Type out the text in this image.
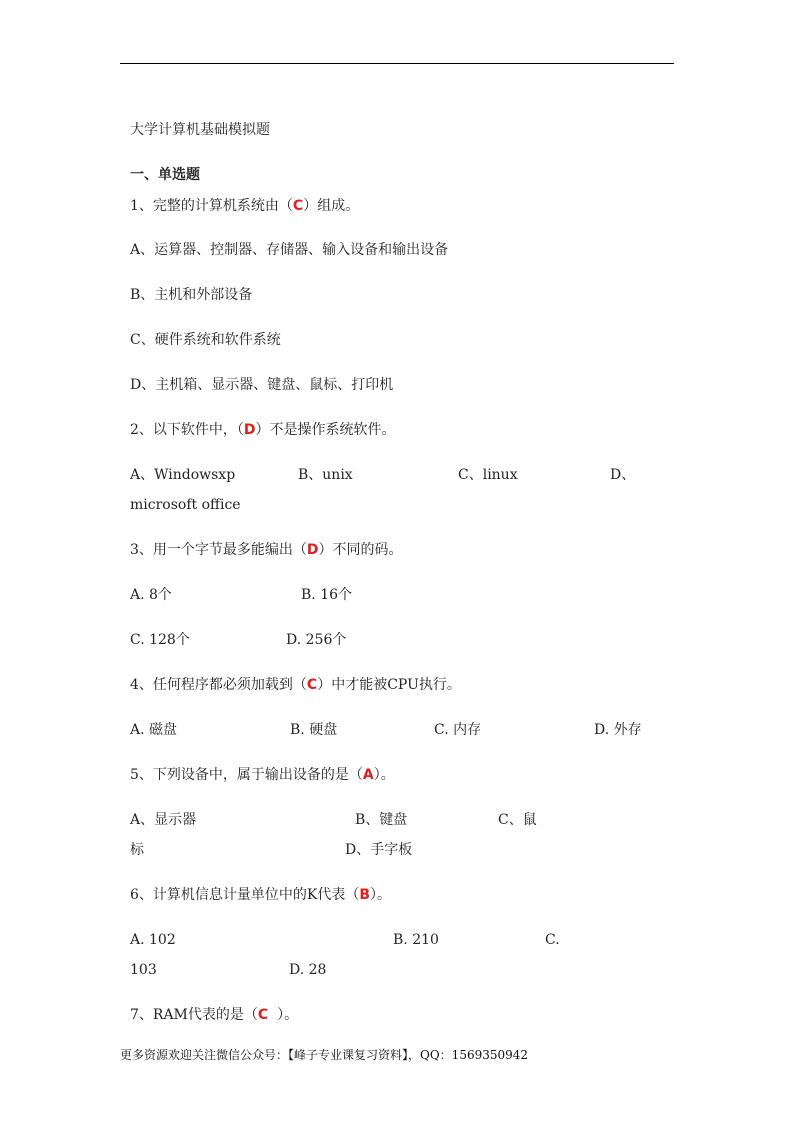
大学计算机基础模拟题
一、单选题
1、完整的计算机系统由（C）组成。
A、运算器、控制器、存储器、输入设备和输出设备
B、主机和外部设备
C、硬件系统和软件系统
D、主机箱、显示器、键盘、鼠标、打印机
2、以下软件中，（D）不是操作系统软件。
A、Windowsxp	B、unix	C、linux	D、
microsoft office
3、用一个字节最多能编出（D）不同的码。
A. 8个	B. 16个
C. 128个	D. 256个
4、任何程序都必须加载到（C）中才能被CPU执行。
A. 磁盘	B. 硬盘	C. 内存	D. 外存
5、下列设备中，属于输出设备的是（A）。
A、显示器	B、键盘	C、鼠
标	D、手字板
6、计算机信息计量单位中的K代表（B）。
A. 102	B. 210	C.
103	D. 28
7、RAM代表的是（C  ）。
更多资源欢迎关注微信公众号：【峰子专业课复习资料】，QQ：1569350942
